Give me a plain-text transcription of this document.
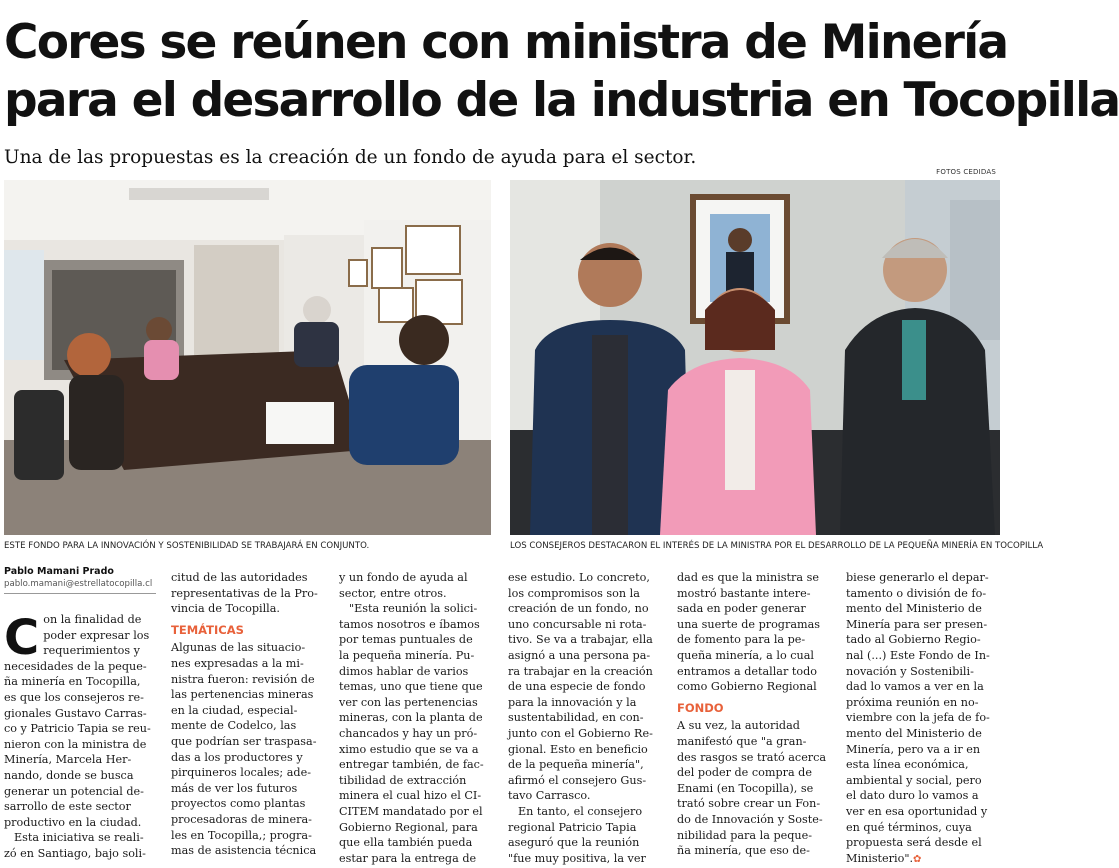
Cores se reúnen con ministra de Minería
para el desarrollo de la industria en Tocopilla
Una de las propuestas es la creación de un fondo de ayuda para el sector.
FOTOS CEDIDAS
ESTE FONDO PARA LA INNOVACIÓN Y SOSTENIBILIDAD SE TRABAJARÁ EN CONJUNTO.	LOS CONSEJEROS DESTACARON EL INTERÉS DE LA MINISTRA POR EL DESARROLLO DE LA PEQUEÑA MINERÍA EN TOCOPILLA
Pablo Mamani Prado
pablo.mamani@estrellatocopilla.cl
C on la finalidad de
poder expresar los
requerimientos y
necesidades de la peque-
ña minería en Tocopilla,
es que los consejeros re-
gionales Gustavo Carras-
co y Patricio Tapia se reu-
nieron con la ministra de
Minería, Marcela Her-
nando, donde se busca
generar un potencial de-
sarrollo de este sector
productivo en la ciudad.
Esta iniciativa se reali-
zó en Santiago, bajo soli-
citud de las autoridades
representativas de la Pro-
vincia de Tocopilla.
TEMÁTICAS
Algunas de las situacio-
nes expresadas a la mi-
nistra fueron: revisión de
las pertenencias mineras
en la ciudad, especial-
mente de Codelco, las
que podrían ser traspasa-
das a los productores y
pirquineros locales; ade-
más de ver los futuros
proyectos como plantas
procesadoras de minera-
les en Tocopilla,; progra-
mas de asistencia técnica
y un fondo de ayuda al
sector, entre otros.
"Esta reunión la solici-
tamos nosotros e íbamos
por temas puntuales de
la pequeña minería. Pu-
dimos hablar de varios
temas, uno que tiene que
ver con las pertenencias
mineras, con la planta de
chancados y hay un pró-
ximo estudio que se va a
entregar también, de fac-
tibilidad de extracción
minera el cual hizo el CI-
CITEM mandatado por el
Gobierno Regional, para
que ella también pueda
estar para la entrega de
ese estudio. Lo concreto,
los compromisos son la
creación de un fondo, no
uno concursable ni rota-
tivo. Se va a trabajar, ella
asignó a una persona pa-
ra trabajar en la creación
de una especie de fondo
para la innovación y la
sustentabilidad, en con-
junto con el Gobierno Re-
gional. Esto en beneficio
de la pequeña minería",
afirmó el consejero Gus-
tavo Carrasco.
En tanto, el consejero
regional Patricio Tapia
aseguró que la reunión
"fue muy positiva, la ver
dad es que la ministra se
mostró bastante intere-
sada en poder generar
una suerte de programas
de fomento para la pe-
queña minería, a lo cual
entramos a detallar todo
como Gobierno Regional
FONDO
A su vez, la autoridad
manifestó que "a gran-
des rasgos se trató acerca
del poder de compra de
Enami (en Tocopilla), se
trató sobre crear un Fon-
do de Innovación y Soste-
nibilidad para la peque-
ña minería, que eso de-
biese generarlo el depar-
tamento o división de fo-
mento del Ministerio de
Minería para ser presen-
tado al Gobierno Regio-
nal (...) Este Fondo de In-
novación y Sostenibili-
dad lo vamos a ver en la
próxima reunión en no-
viembre con la jefa de fo-
mento del Ministerio de
Minería, pero va a ir en
esta línea económica,
ambiental y social, pero
el dato duro lo vamos a
ver en esa oportunidad y
en qué términos, cuya
propuesta será desde el
Ministerio".✿
